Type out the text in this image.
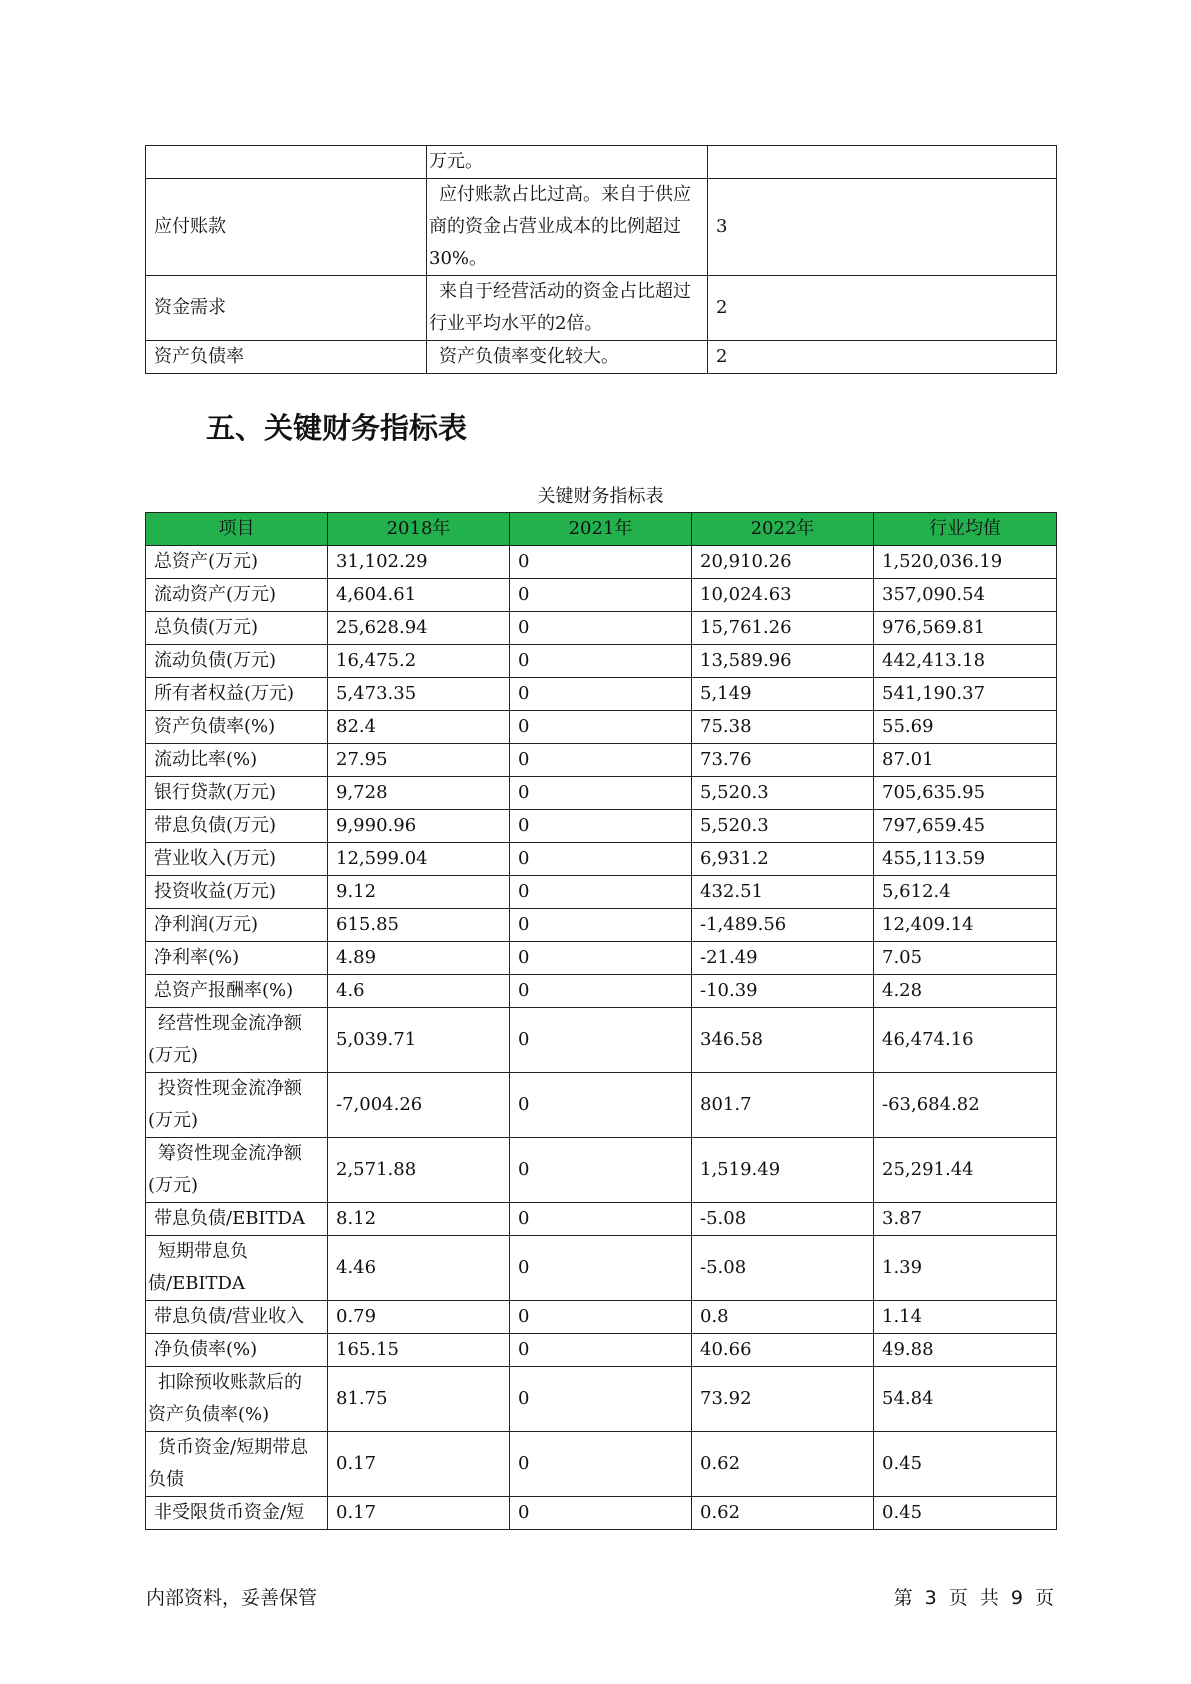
	万元。	
应付账款	应付账款占比过高。来自于供应商的资金占营业成本的比例超过30%。	3
资金需求	来自于经营活动的资金占比超过行业平均水平的2倍。	2
资产负债率	资产负债率变化较大。	2
五、关键财务指标表
关键财务指标表
项目	2018年	2021年	2022年	行业均值
总资产(万元)	31,102.29	0	20,910.26	1,520,036.19
流动资产(万元)	4,604.61	0	10,024.63	357,090.54
总负债(万元)	25,628.94	0	15,761.26	976,569.81
流动负债(万元)	16,475.2	0	13,589.96	442,413.18
所有者权益(万元)	5,473.35	0	5,149	541,190.37
资产负债率(%)	82.4	0	75.38	55.69
流动比率(%)	27.95	0	73.76	87.01
银行贷款(万元)	9,728	0	5,520.3	705,635.95
带息负债(万元)	9,990.96	0	5,520.3	797,659.45
营业收入(万元)	12,599.04	0	6,931.2	455,113.59
投资收益(万元)	9.12	0	432.51	5,612.4
净利润(万元)	615.85	0	-1,489.56	12,409.14
净利率(%)	4.89	0	-21.49	7.05
总资产报酬率(%)	4.6	0	-10.39	4.28
经营性现金流净额(万元)	5,039.71	0	346.58	46,474.16
投资性现金流净额(万元)	-7,004.26	0	801.7	-63,684.82
筹资性现金流净额(万元)	2,571.88	0	1,519.49	25,291.44
带息负债/EBITDA	8.12	0	-5.08	3.87
短期带息负债/EBITDA	4.46	0	-5.08	1.39
带息负债/营业收入	0.79	0	0.8	1.14
净负债率(%)	165.15	0	40.66	49.88
扣除预收账款后的资产负债率(%)	81.75	0	73.92	54.84
货币资金/短期带息负债	0.17	0	0.62	0.45
非受限货币资金/短	0.17	0	0.62	0.45
内部资料，妥善保管	第 3 页 共 9 页
